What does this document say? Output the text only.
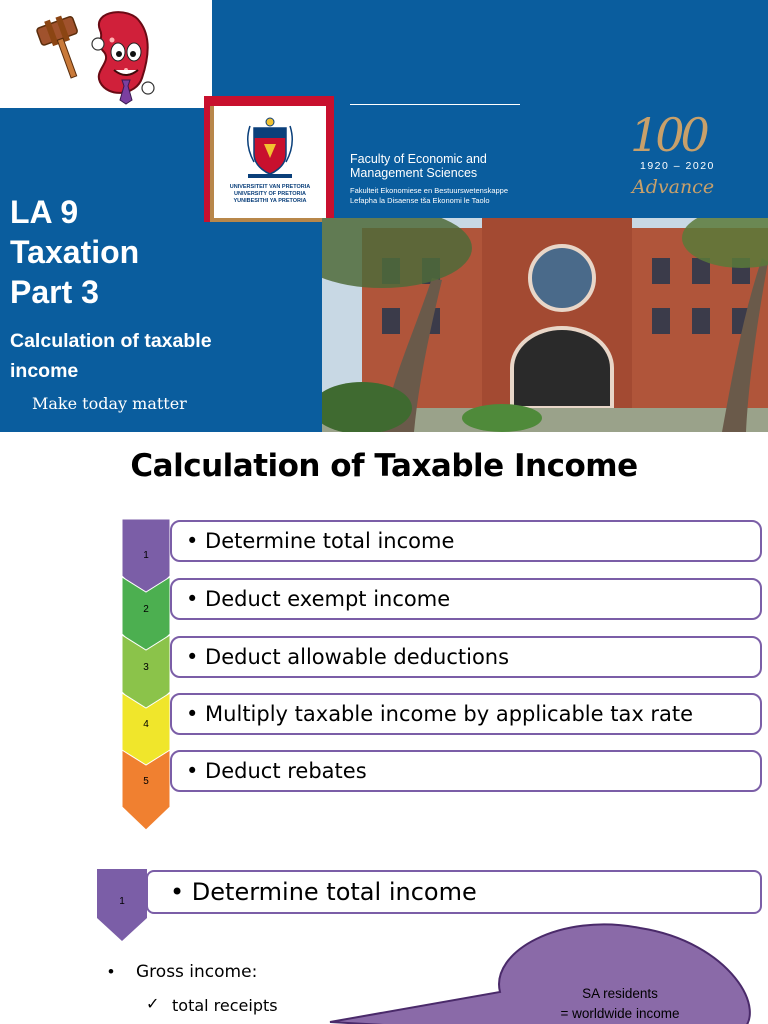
UNIVERSITEIT VAN PRETORIA
UNIVERSITY OF PRETORIA
YUNIBESITHI YA PRETORIA
Faculty of Economic and
Management Sciences
Fakulteit Ekonomiese en Bestuurswetenskappe
Lefapha la Disaense tša Ekonomi le Taolo
100
1920 – 2020
Advance
LA 9
Taxation
Part 3
Calculation of taxable
income
Make today matter
Calculation of Taxable Income
1
• Determine total income
2	• Deduct exempt income
3	• Deduct allowable deductions
4	• Multiply taxable income by applicable tax rate
5	• Deduct rebates
1	• Determine total income
• Gross income:
✓ total receipts
SA residents
= worldwide income
